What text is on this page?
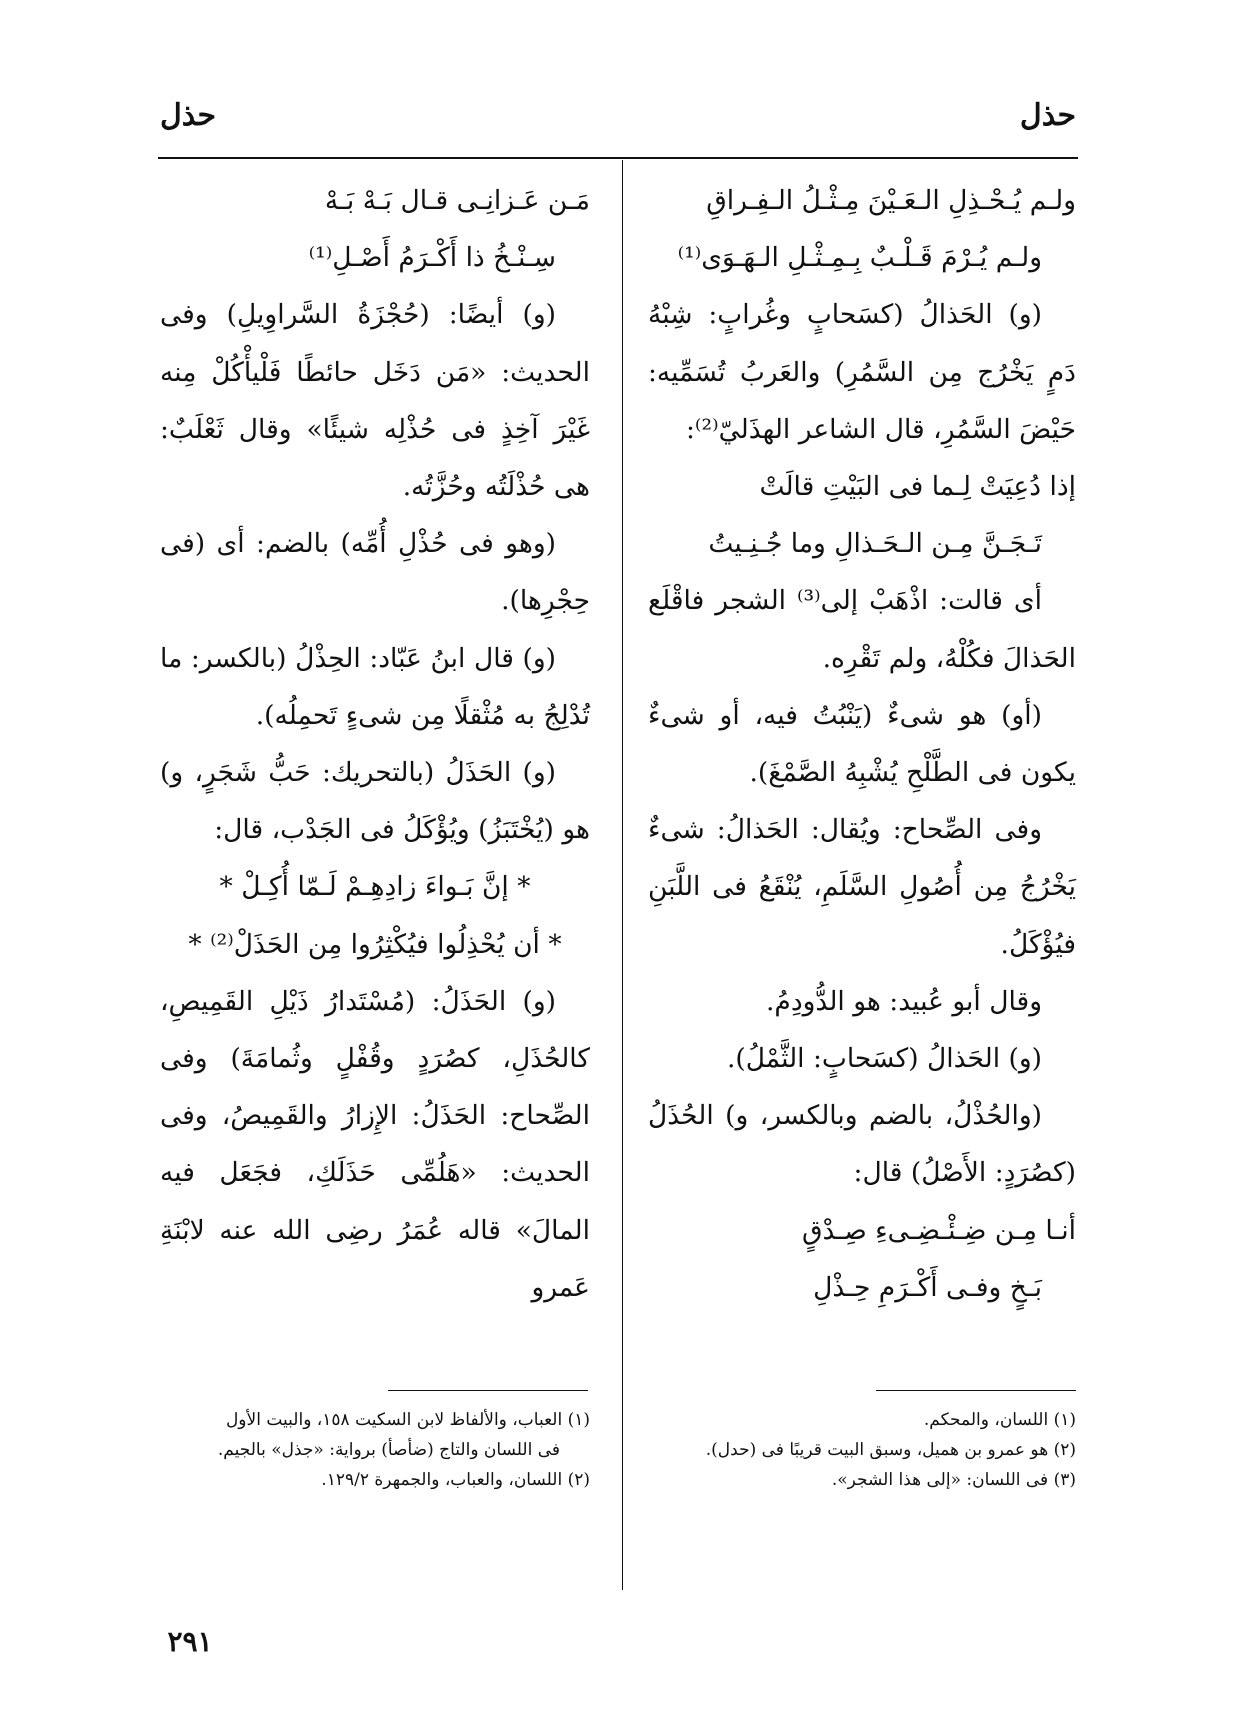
حذل
حذل

ولـم يُـحْـذِلِ الـعَـيْنَ مِـثْـلُ الـفِـراقِ

ولـم يُـرْمَ قَـلْـبٌ بِـمِـثْـلِ الـهَـوَى⁽¹⁾

(و) الحَذالُ (كسَحابٍ وغُرابٍ: شِبْهُ دَمٍ يَخْرُج مِن السَّمُرِ) والعَربُ تُسَمِّيه: حَيْضَ السَّمُرِ، قال الشاعر الهذَليّ⁽²⁾:

إذا دُعِيَتْ لِـما فى البَيْتِ قالَتْ

تَـجَـنَّ مِـن الـحَـذالِ وما جُـنِـيتُ

أى قالت: اذْهَبْ إلى⁽³⁾ الشجر فاقْلَع الحَذالَ فكُلْهُ، ولم تَقْرِه.

(أو) هو شىءٌ (يَنْبُتُ فيه، أو شىءٌ يكون فى الطَّلْحِ يُشْبِهُ الصَّمْغَ).

وفى الصِّحاح: ويُقال: الحَذالُ: شىءٌ يَخْرُجُ مِن أُصُولِ السَّلَمِ، يُنْقَعُ فى اللَّبَنِ فيُؤْكَلُ.

وقال أبو عُبيد: هو الدُّودِمُ.

(و) الحَذالُ (كسَحابٍ: الثَّمْلُ).

(والحُذْلُ، بالضم وبالكسر، و) الحُذَلُ (كصُرَدٍ: الأَصْلُ) قال:

أنـا مِـن ضِـئْـضِـىءِ صِـدْقٍ

بَـخٍ وفـى أَكْـرَمِ حِـذْلِ

مَـن عَـزانِـى قـال بَـهْ بَـهْ

سِـنْـخُ ذا أَكْـرَمُ أَصْـلِ⁽¹⁾

(و) أيضًا: (حُجْزَةُ السَّراوِيلِ) وفى الحديث: «مَن دَخَل حائطًا فَلْيأْكُلْ مِنه غَيْرَ آخِذٍ فى حُذْلِه شيئًا» وقال ثَعْلَبٌ: هى حُذْلَتُه وحُزَّتُه.

(وهو فى حُذْلِ أُمِّه) بالضم: أى (فى حِجْرِها).

(و) قال ابنُ عَبّاد: الحِذْلُ (بالكسر: ما تُدْلِجُ به مُثْقلًا مِن شىءٍ تَحمِلُه).

(و) الحَذَلُ (بالتحريك: حَبُّ شَجَرٍ، و) هو (يُخْتَبَزُ) ويُؤْكَلُ فى الجَدْب، قال:

* إنَّ بَـواءَ زادِهِـمْ لَـمّا أُكِـلْ *

* أن يُحْذِلُوا فيُكْثِرُوا مِن الحَذَلْ⁽²⁾ *

(و) الحَذَلُ: (مُسْتَدارُ ذَيْلِ القَمِيصِ، كالحُذَلِ، كصُرَدٍ وقُفْلٍ وثُمامَةَ) وفى الصِّحاح: الحَذَلُ: الإِزارُ والقَمِيصُ، وفى الحديث: «هَلُمِّى حَذَلَكِ، فجَعَل فيه المالَ» قاله عُمَرُ رضِى الله عنه لابْنَةِ عَمرو

(١) اللسان، والمحكم.

(٢) هو عمرو بن هميل، وسبق البيت قريبًا فى (حدل).

(٣) فى اللسان: «إلى هذا الشجر».

(١) العباب، والألفاظ لابن السكيت ١٥٨، والبيت الأول

فى اللسان والتاج (ضأصأ) برواية: «جذل» بالجيم.

(٢) اللسان، والعباب، والجمهرة ١٢٩/٢.

٢٩١
